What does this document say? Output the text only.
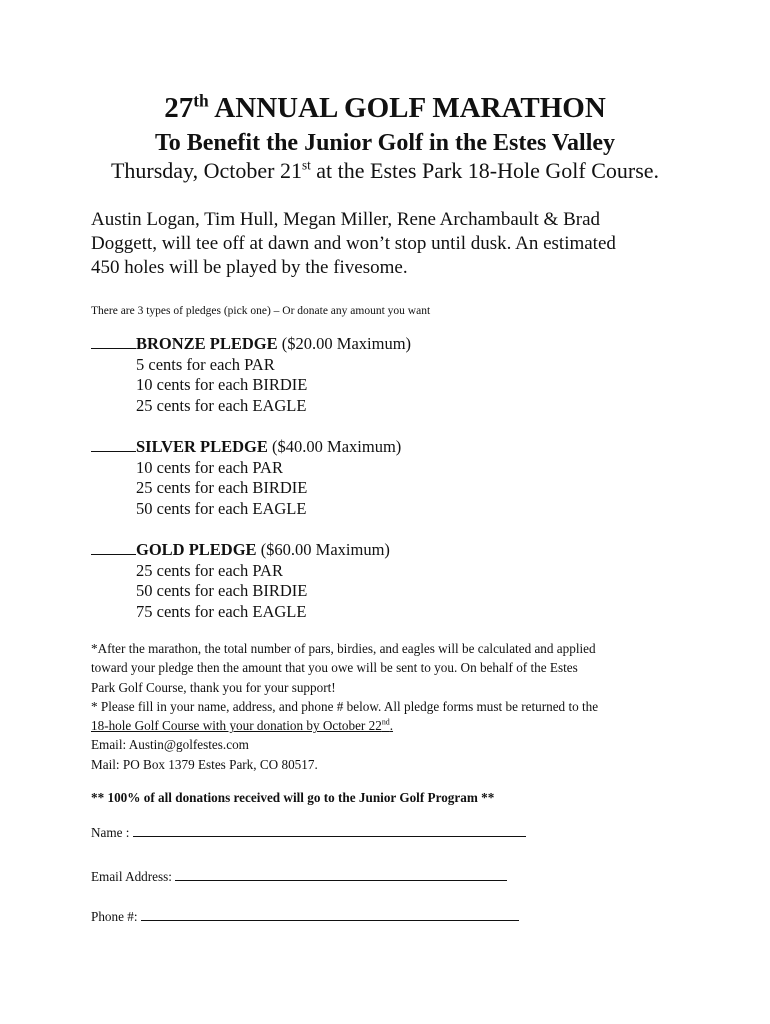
27th ANNUAL GOLF MARATHON
To Benefit the Junior Golf in the Estes Valley
Thursday, October 21st at the Estes Park 18-Hole Golf Course.
Austin Logan, Tim Hull, Megan Miller, Rene Archambault & Brad
Doggett, will tee off at dawn and won’t stop until dusk. An estimated
450 holes will be played by the fivesome.
There are 3 types of pledges (pick one) – Or donate any amount you want
BRONZE PLEDGE ($20.00 Maximum)
5 cents for each PAR
10 cents for each BIRDIE
25 cents for each EAGLE
SILVER PLEDGE ($40.00 Maximum)
10 cents for each PAR
25 cents for each BIRDIE
50 cents for each EAGLE
GOLD PLEDGE ($60.00 Maximum)
25 cents for each PAR
50 cents for each BIRDIE
75 cents for each EAGLE
*After the marathon, the total number of pars, birdies, and eagles will be calculated and applied
toward your pledge then the amount that you owe will be sent to you. On behalf of the Estes
Park Golf Course, thank you for your support!
* Please fill in your name, address, and phone # below. All pledge forms must be returned to the
18-hole Golf Course with your donation by October 22nd.
Email: Austin@golfestes.com
Mail: PO Box 1379 Estes Park, CO 80517.
** 100% of all donations received will go to the Junior Golf Program **
Name :
Email Address:
Phone #:
